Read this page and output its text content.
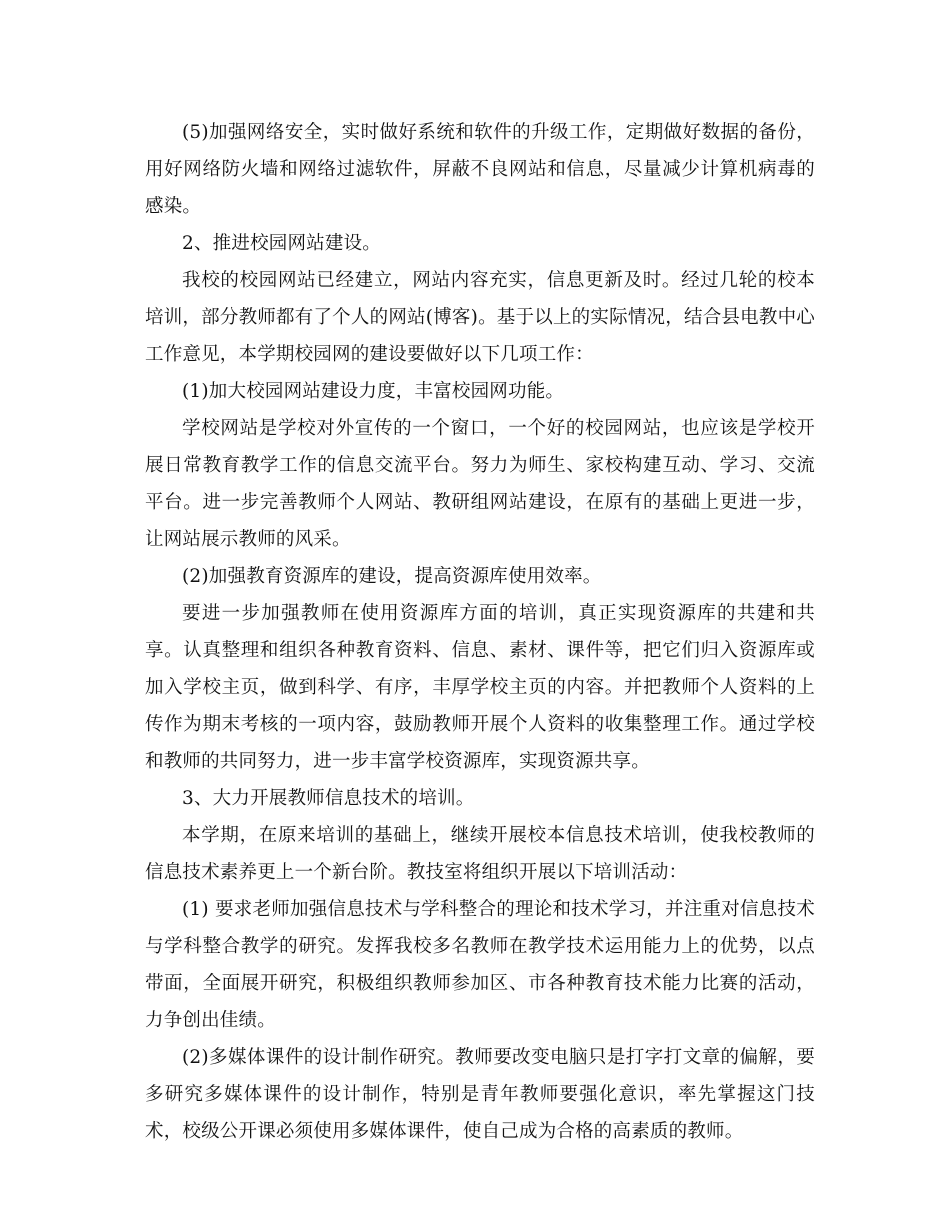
(5)加强网络安全，实时做好系统和软件的升级工作，定期做好数据的备份，用好网络防火墙和网络过滤软件，屏蔽不良网站和信息，尽量减少计算机病毒的感染。

2、推进校园网站建设。

我校的校园网站已经建立，网站内容充实，信息更新及时。经过几轮的校本培训，部分教师都有了个人的网站(博客)。基于以上的实际情况，结合县电教中心工作意见，本学期校园网的建设要做好以下几项工作：

(1)加大校园网站建设力度，丰富校园网功能。

学校网站是学校对外宣传的一个窗口，一个好的校园网站，也应该是学校开展日常教育教学工作的信息交流平台。努力为师生、家校构建互动、学习、交流平台。进一步完善教师个人网站、教研组网站建设，在原有的基础上更进一步，让网站展示教师的风采。

(2)加强教育资源库的建设，提高资源库使用效率。

要进一步加强教师在使用资源库方面的培训，真正实现资源库的共建和共享。认真整理和组织各种教育资料、信息、素材、课件等，把它们归入资源库或加入学校主页，做到科学、有序，丰厚学校主页的内容。并把教师个人资料的上传作为期末考核的一项内容，鼓励教师开展个人资料的收集整理工作。通过学校和教师的共同努力，进一步丰富学校资源库，实现资源共享。

3、大力开展教师信息技术的培训。

本学期，在原来培训的基础上，继续开展校本信息技术培训，使我校教师的信息技术素养更上一个新台阶。教技室将组织开展以下培训活动：

(1) 要求老师加强信息技术与学科整合的理论和技术学习，并注重对信息技术与学科整合教学的研究。发挥我校多名教师在教学技术运用能力上的优势，以点带面，全面展开研究，积极组织教师参加区、市各种教育技术能力比赛的活动，力争创出佳绩。

(2)多媒体课件的设计制作研究。教师要改变电脑只是打字打文章的偏解，要多研究多媒体课件的设计制作，特别是青年教师要强化意识，率先掌握这门技术，校级公开课必须使用多媒体课件，使自己成为合格的高素质的教师。
